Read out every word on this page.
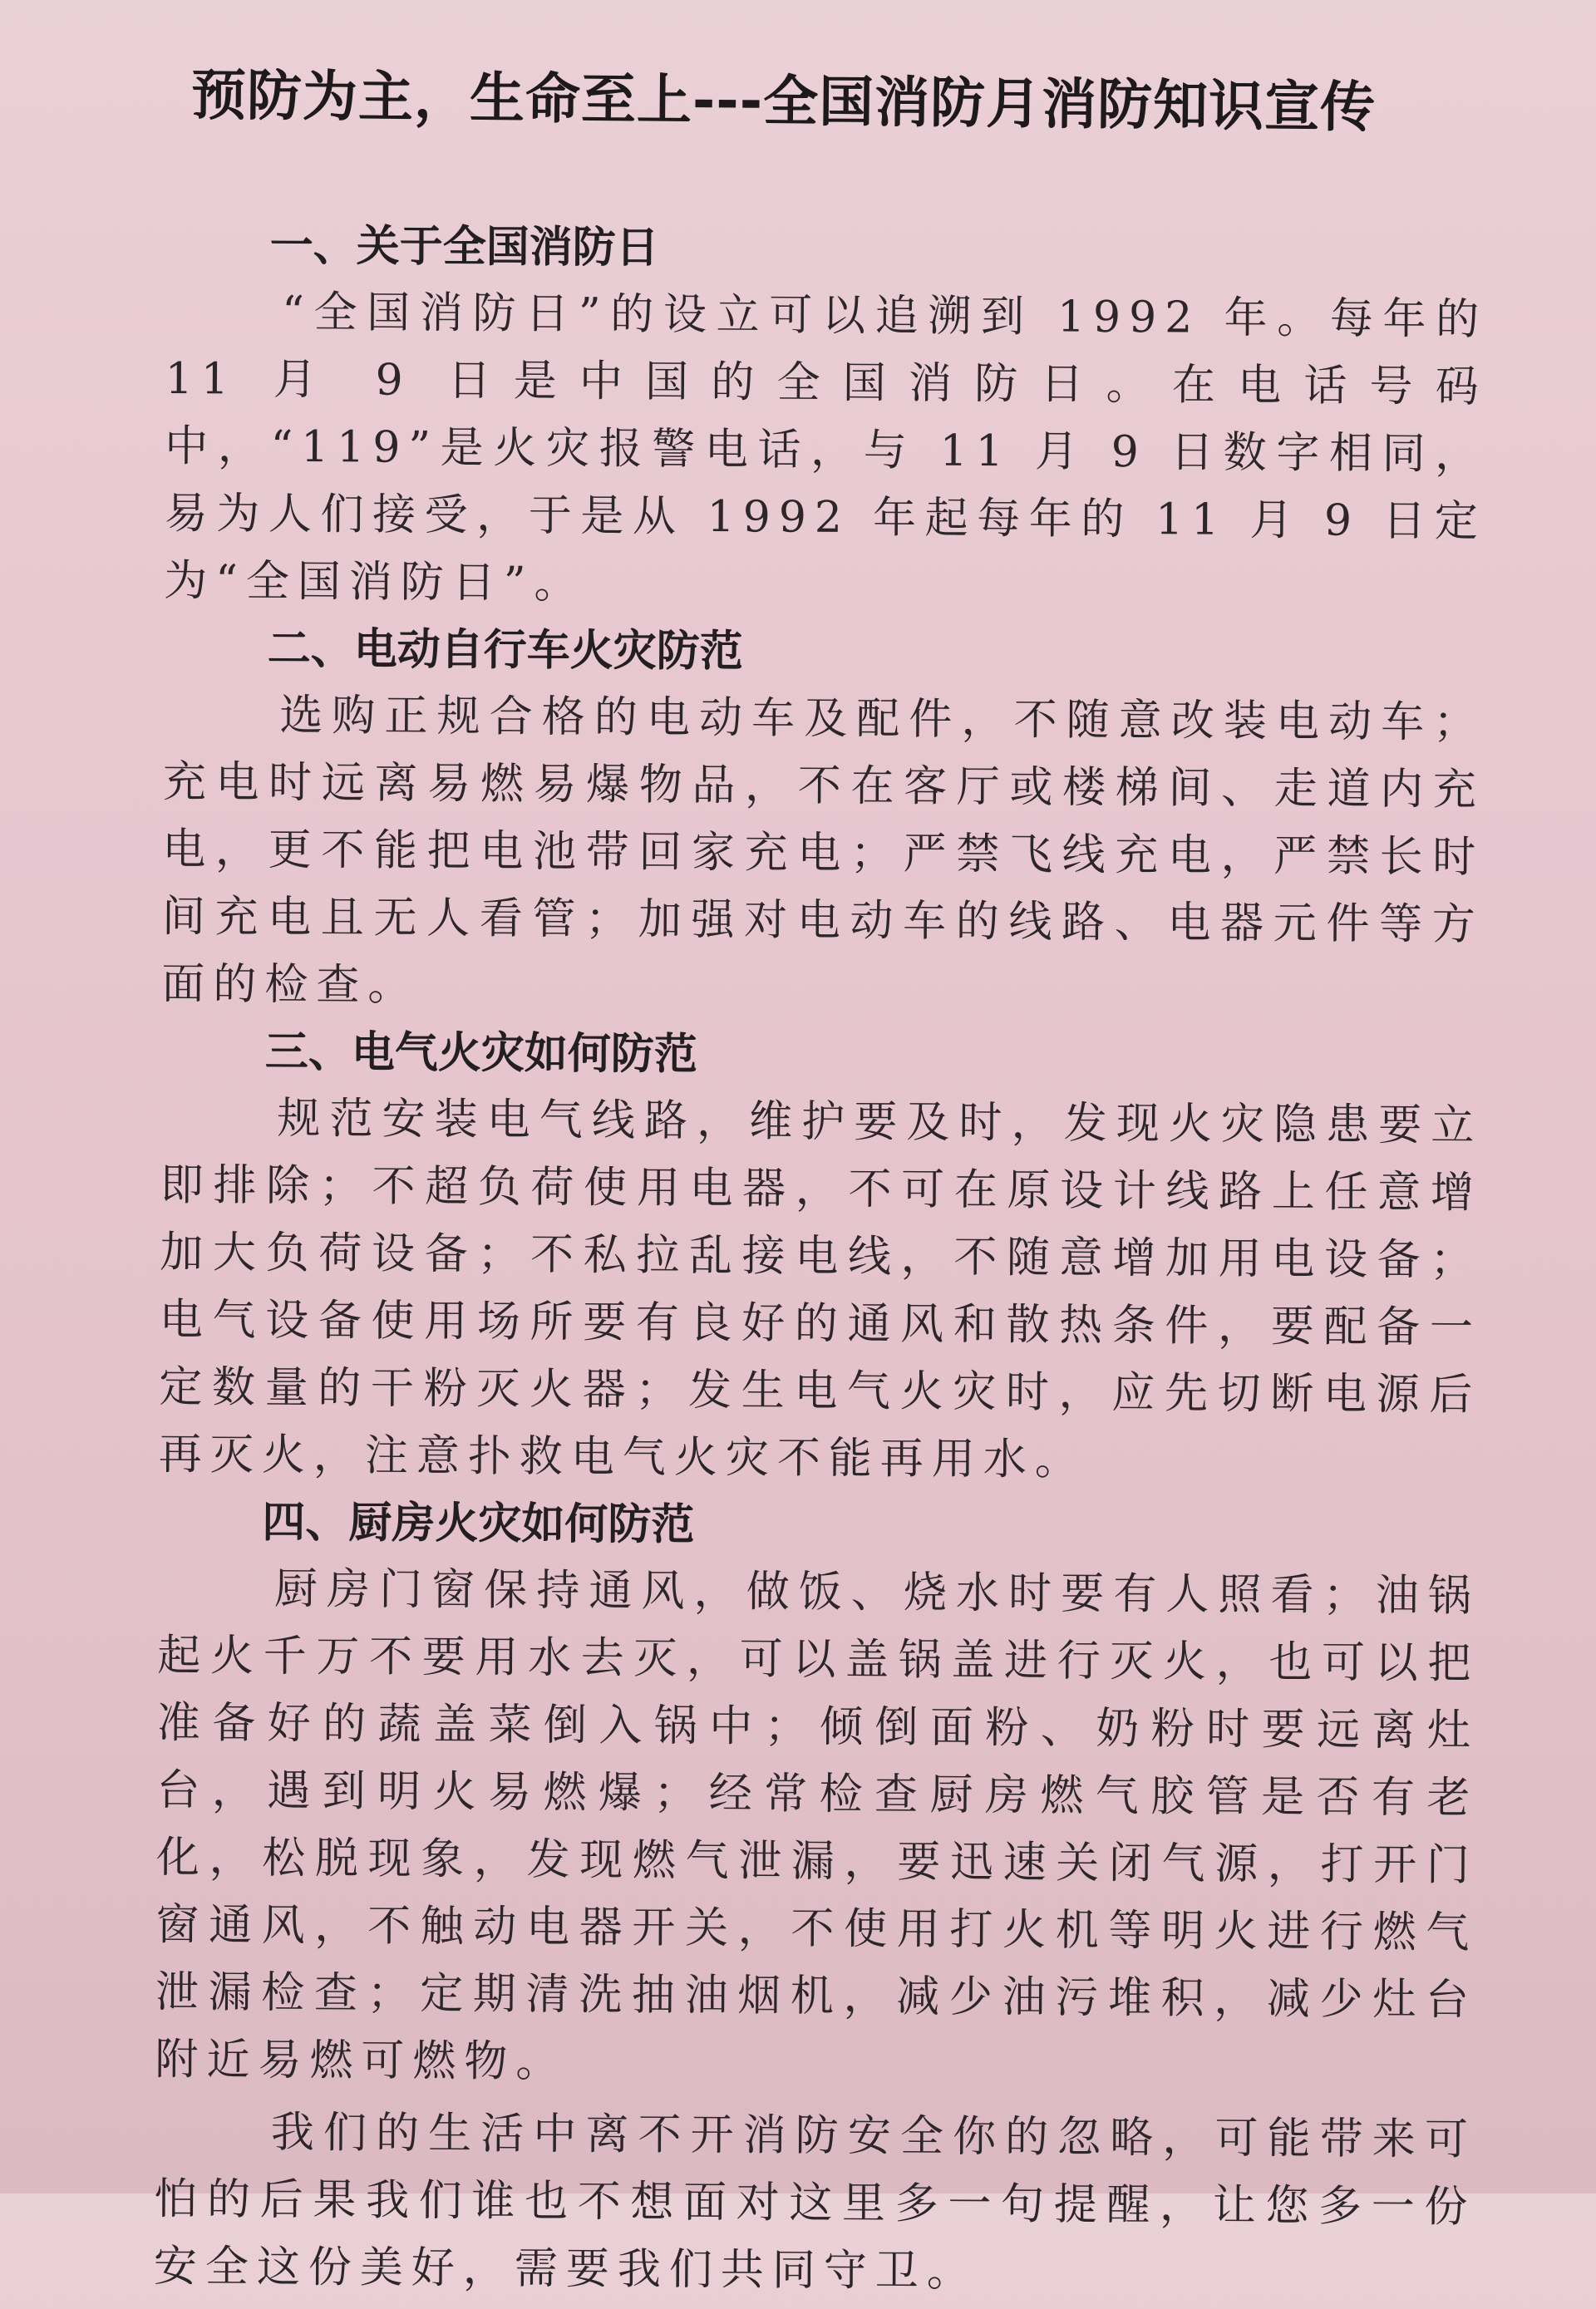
预防为主，生命至上---全国消防月消防知识宣传

一、关于全国消防日

“全国消防日”的设立可以追溯到 1992 年。每年的 11 月 9 日是中国的全国消防日。在电话号码中，“119”是火灾报警电话，与 11 月 9 日数字相同，易为人们接受，于是从 1992 年起每年的 11 月 9 日定为“全国消防日”。

二、电动自行车火灾防范

选购正规合格的电动车及配件，不随意改装电动车；充电时远离易燃易爆物品，不在客厅或楼梯间、走道内充电，更不能把电池带回家充电；严禁飞线充电，严禁长时间充电且无人看管；加强对电动车的线路、电器元件等方面的检查。

三、电气火灾如何防范

规范安装电气线路，维护要及时，发现火灾隐患要立即排除；不超负荷使用电器，不可在原设计线路上任意增加大负荷设备；不私拉乱接电线，不随意增加用电设备；电气设备使用场所要有良好的通风和散热条件，要配备一定数量的干粉灭火器；发生电气火灾时，应先切断电源后再灭火，注意扑救电气火灾不能再用水。

四、厨房火灾如何防范

厨房门窗保持通风，做饭、烧水时要有人照看；油锅起火千万不要用水去灭，可以盖锅盖进行灭火，也可以把准备好的蔬盖菜倒入锅中；倾倒面粉、奶粉时要远离灶台，遇到明火易燃爆；经常检查厨房燃气胶管是否有老化，松脱现象，发现燃气泄漏，要迅速关闭气源，打开门窗通风，不触动电器开关，不使用打火机等明火进行燃气泄漏检查；定期清洗抽油烟机，减少油污堆积，减少灶台附近易燃可燃物。

我们的生活中离不开消防安全你的忽略，可能带来可怕的后果我们谁也不想面对这里多一句提醒，让您多一份安全这份美好，需要我们共同守卫。
